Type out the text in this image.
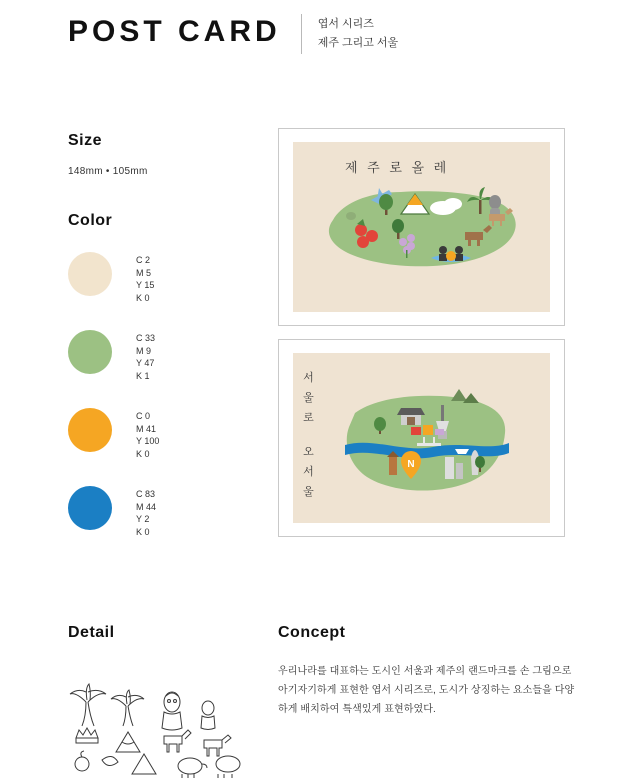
POST CARD	엽서 시리즈
제주 그리고 서울
Size
148mm • 105mm
Color
C 2
M 5
Y 15
K 0
C 33
M 9
Y 47
K 1
C 0
M 41
Y 100
K 0
C 83
M 44
Y 2
K 0
제 주 로 올 레
N
서울로
오서울
Detail	Concept
우리나라를 대표하는 도시인 서울과 제주의 랜드마크를 손 그림으로 아기자기하게 표현한 엽서 시리즈로, 도시가 상징하는 요소들을 다양하게 배치하여 특색있게 표현하였다.
